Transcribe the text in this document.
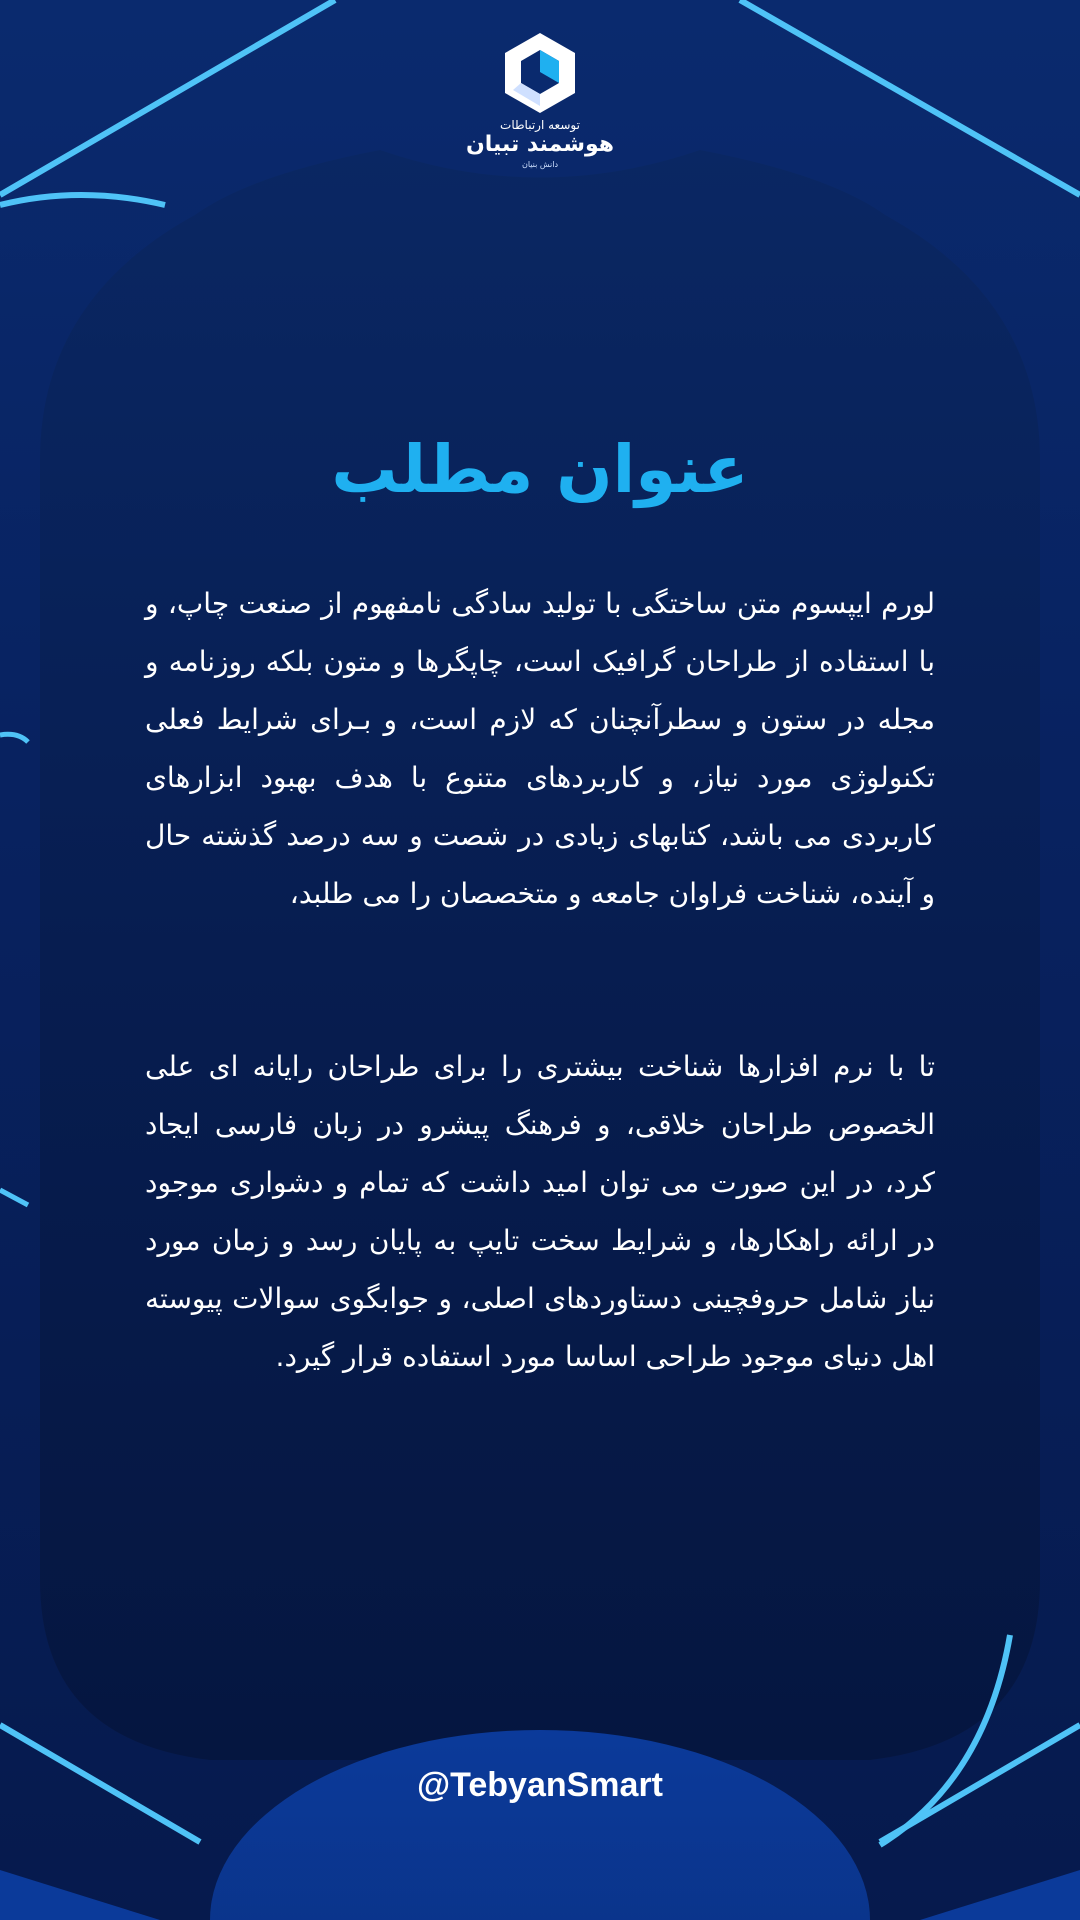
توسعه ارتباطات
هوشمند تبیان
دانش بنیان
عنوان مطلب
لورم ایپسوم متن ساختگی با تولید سادگی نامفهوم از صنعت چاپ، و با استفاده از طراحان گرافیک است، چاپگرها و متون بلکه روزنامه و مجله در ستون و سطرآنچنان که لازم است، و بـرای شرایط فعلی تکنولوژی مورد نیاز، و کاربردهای متنوع با هدف بهبود ابزارهای کاربردی می باشد، کتابهای زیادی در شصت و سه درصد گذشته حال و آینده، شناخت فراوان جامعه و متخصصان را می طلبد،
تا با نرم افزارها شناخت بیشتری را برای طراحان رایانه ای علی الخصوص طراحان خلاقی، و فرهنگ پیشرو در زبان فارسی ایجاد کرد، در این صورت می توان امید داشت که تمام و دشواری موجود در ارائه راهکارها، و شرایط سخت تایپ به پایان رسد و زمان مورد نیاز شامل حروفچینی دستاوردهای اصلی، و جوابگوی سوالات پیوسته اهل دنیای موجود طراحی اساسا مورد استفاده قرار گیرد.
@TebyanSmart
